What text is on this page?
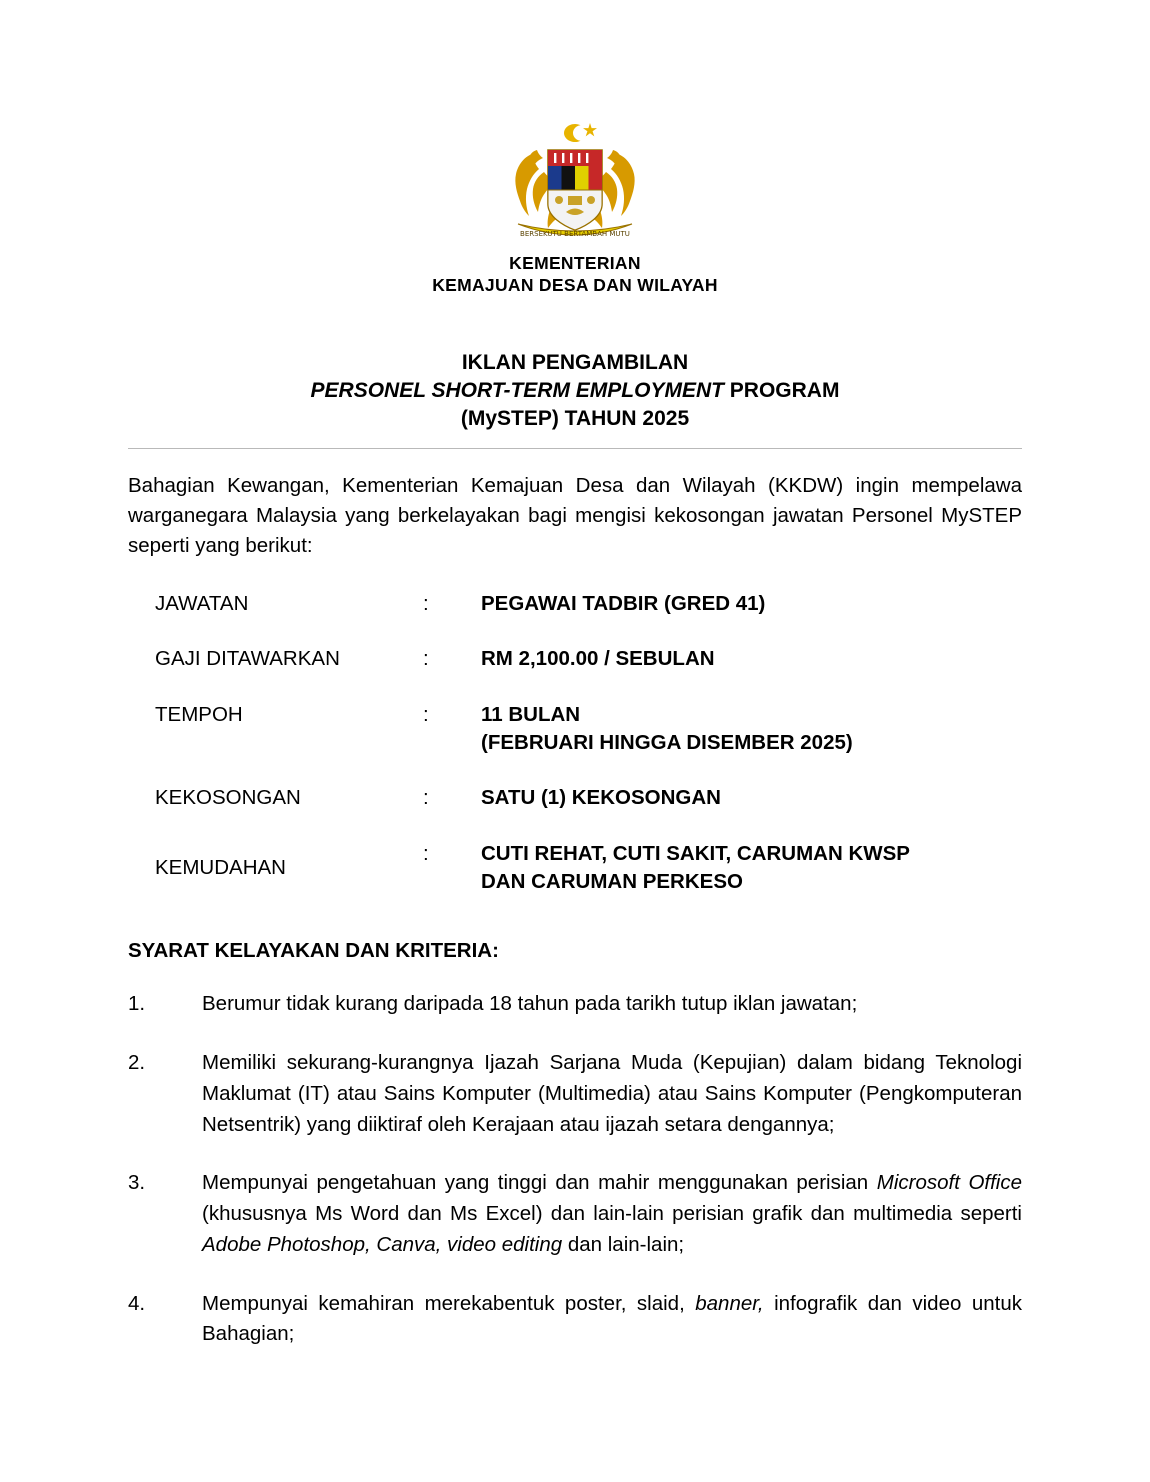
BERSEKUTU BERTAMBAH MUTU
KEMENTERIAN
KEMAJUAN DESA DAN WILAYAH
IKLAN PENGAMBILAN
PERSONEL SHORT-TERM EMPLOYMENT PROGRAM
(MySTEP) TAHUN 2025
Bahagian Kewangan, Kementerian Kemajuan Desa dan Wilayah (KKDW) ingin mempelawa warganegara Malaysia yang berkelayakan bagi mengisi kekosongan jawatan Personel MySTEP seperti yang berikut:
JAWATAN	:	PEGAWAI TADBIR (GRED 41)

GAJI DITAWARKAN	:	RM 2,100.00 / SEBULAN

TEMPOH	:	11 BULAN
(FEBRUARI HINGGA DISEMBER 2025)

KEKOSONGAN	:	SATU (1) KEKOSONGAN

KEMUDAHAN	:	CUTI REHAT, CUTI SAKIT, CARUMAN KWSP
DAN CARUMAN PERKESO
SYARAT KELAYAKAN DAN KRITERIA:
1.	Berumur tidak kurang daripada 18 tahun pada tarikh tutup iklan jawatan;
2.	Memiliki sekurang-kurangnya Ijazah Sarjana Muda (Kepujian) dalam bidang Teknologi Maklumat (IT) atau Sains Komputer (Multimedia) atau Sains Komputer (Pengkomputeran Netsentrik) yang diiktiraf oleh Kerajaan atau ijazah setara dengannya;
3.	Mempunyai pengetahuan yang tinggi dan mahir menggunakan perisian Microsoft Office (khususnya Ms Word dan Ms Excel) dan lain-lain perisian grafik dan multimedia seperti Adobe Photoshop, Canva, video editing dan lain-lain;
4.	Mempunyai kemahiran merekabentuk poster, slaid, banner, infografik dan video untuk Bahagian;
